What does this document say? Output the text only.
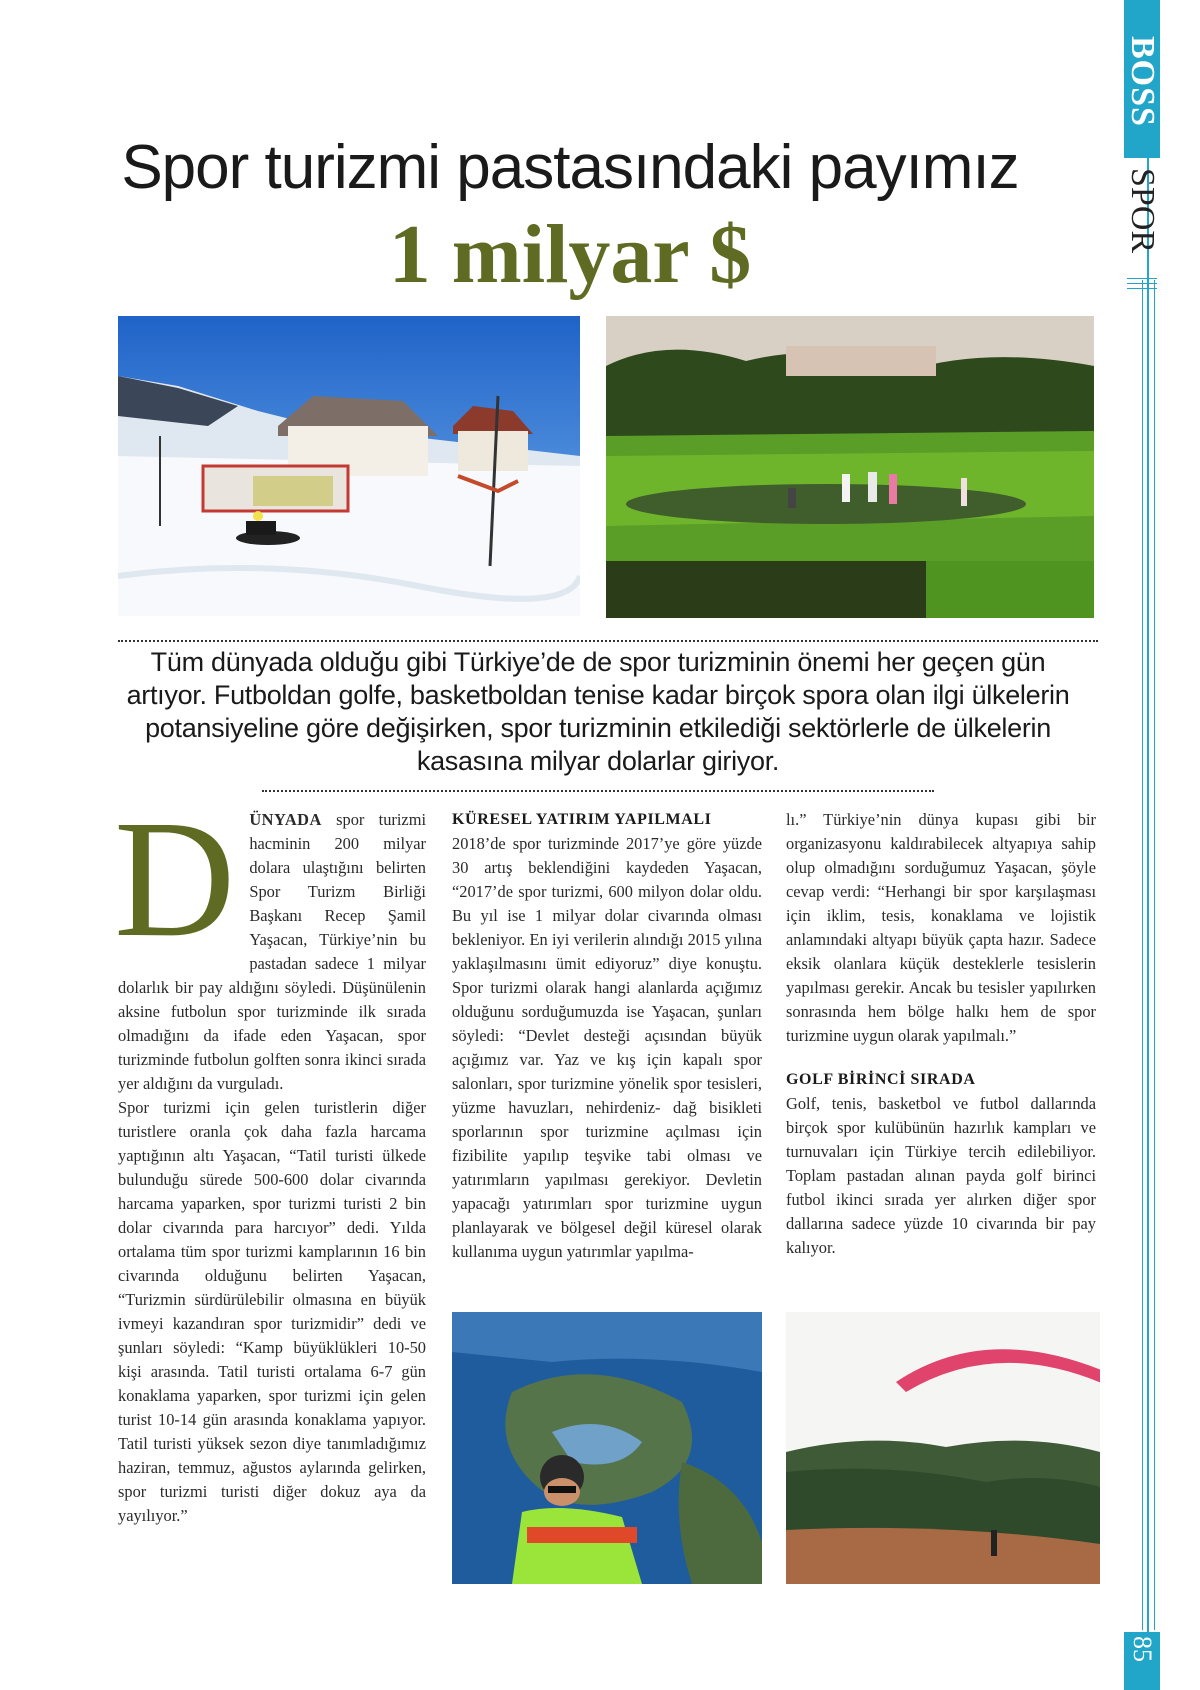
BOSS
SPOR
85
Spor turizmi pastasındaki payımız
1 milyar $
Tüm dünyada olduğu gibi Türkiye’de de spor turizminin önemi her geçen gün artıyor. Futboldan golfe, basketboldan tenise kadar birçok spora olan ilgi ülkelerin potansiyeline göre değişirken, spor turizminin etkilediği sektörlerle de ülkelerin kasasına milyar dolarlar giriyor.
D ÜNYADA spor turizmi hacminin 200 milyar dolara ulaştığını belirten Spor Turizm Birliği Başkanı Recep Şamil Yaşacan, Türkiye’nin bu pastadan sadece 1 milyar dolarlık bir pay aldığını söyledi. Düşünülenin aksine futbolun spor turizminde ilk sırada olmadığını da ifade eden Yaşacan, spor turizminde futbolun golften sonra ikinci sırada yer aldığını da vurguladı.

Spor turizmi için gelen turistlerin diğer turistlere oranla çok daha fazla harcama yaptığının altı Yaşacan, “Tatil turisti ülkede bulunduğu sürede 500-600 dolar civarında harcama yaparken, spor turizmi turisti 2 bin dolar civarında para harcıyor” dedi. Yılda ortalama tüm spor turizmi kamplarının 16 bin civarında olduğunu belirten Yaşacan, “Turizmin sürdürülebilir olmasına en büyük ivmeyi kazandıran spor turizmidir” dedi ve şunları söyledi: “Kamp büyüklükleri 10-50 kişi arasında. Tatil turisti ortalama 6-7 gün konaklama yaparken, spor turizmi için gelen turist 10-14 gün arasında konaklama yapıyor. Tatil turisti yüksek sezon diye tanımladığımız haziran, temmuz, ağustos aylarında gelirken, spor turizmi turisti diğer dokuz aya da yayılıyor.”

KÜRESEL YATIRIM YAPILMALI

2018’de spor turizminde 2017’ye göre yüzde 30 artış beklendiğini kaydeden Yaşacan, “2017’de spor turizmi, 600 milyon dolar oldu. Bu yıl ise 1 milyar dolar civarında olması bekleniyor. En iyi verilerin alındığı 2015 yılına yaklaşılmasını ümit ediyoruz” diye konuştu. Spor turizmi olarak hangi alanlarda açığımız olduğunu sorduğumuzda ise Yaşacan, şunları söyledi: “Devlet desteği açısından büyük açığımız var. Yaz ve kış için kapalı spor salonları, spor turizmine yönelik spor tesisleri, yüzme havuzları, nehirdeniz- dağ bisikleti sporlarının spor turizmine açılması için fizibilite yapılıp teşvike tabi olması ve yatırımların yapılması gerekiyor. Devletin yapacağı yatırımları spor turizmine uygun planlayarak ve bölgesel değil küresel olarak kullanıma uygun yatırımlar yapılma-

lı.” Türkiye’nin dünya kupası gibi bir organizasyonu kaldırabilecek altyapıya sahip olup olmadığını sorduğumuz Yaşacan, şöyle cevap verdi: “Herhangi bir spor karşılaşması için iklim, tesis, konaklama ve lojistik anlamındaki altyapı büyük çapta hazır. Sadece eksik olanlara küçük desteklerle tesislerin yapılması gerekir. Ancak bu tesisler yapılırken sonrasında hem bölge halkı hem de spor turizmine uygun olarak yapılmalı.”

GOLF BİRİNCİ SIRADA

Golf, tenis, basketbol ve futbol dallarında birçok spor kulübünün hazırlık kampları ve turnuvaları için Türkiye tercih edilebiliyor. Toplam pastadan alınan payda golf birinci futbol ikinci sırada yer alırken diğer spor dallarına sadece yüzde 10 civarında bir pay kalıyor.
